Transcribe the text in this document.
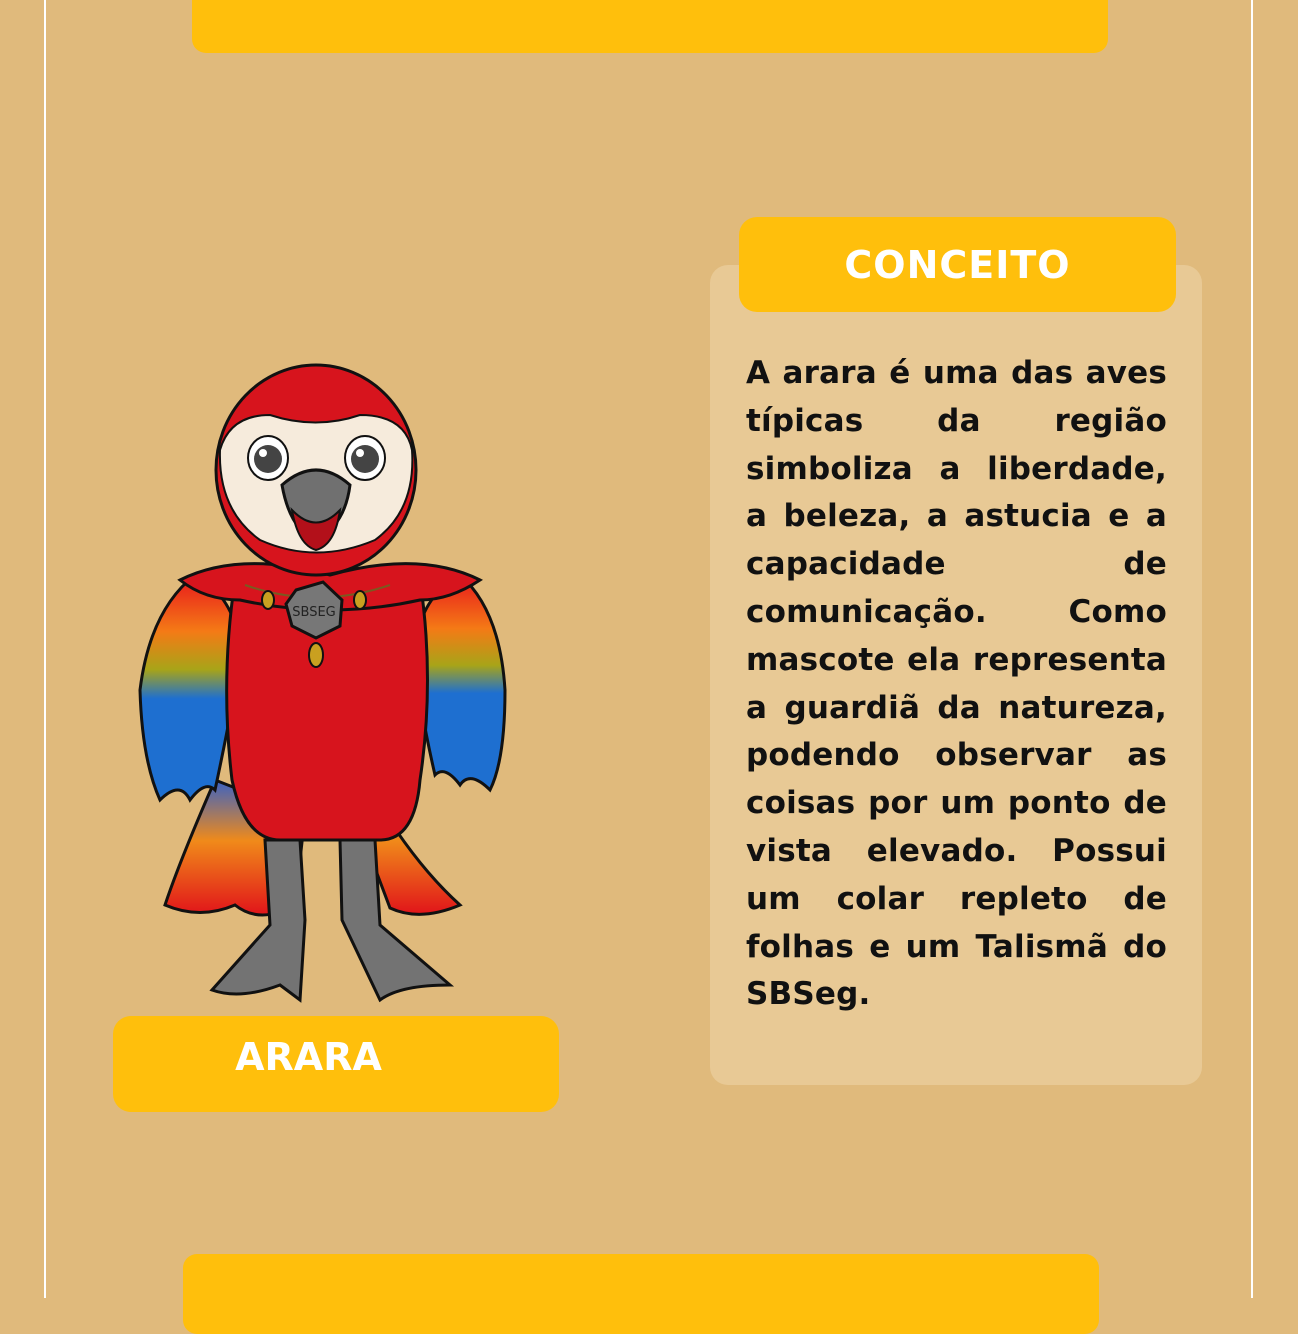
CONCEITO
A arara é uma das aves típicas da região simboliza a liberdade, a beleza, a astucia e a capacidade de comunicação. Como mascote ela representa a guardiã da natureza, podendo observar as coisas por um ponto de vista elevado. Possui um colar repleto de folhas e um Talismã do SBSeg.
SBSEG
ARARA
